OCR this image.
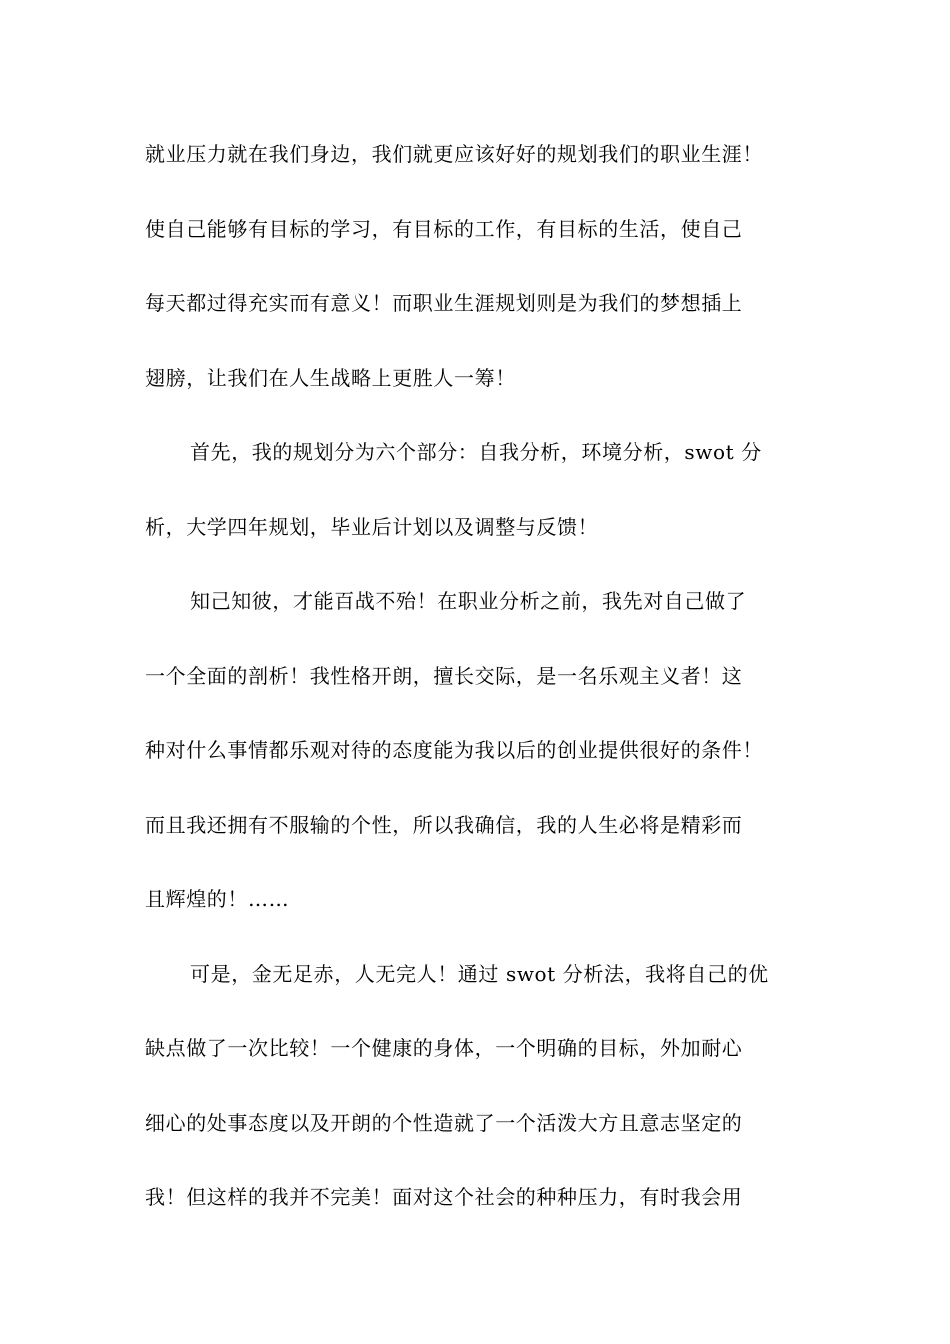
就业压力就在我们身边，我们就更应该好好的规划我们的职业生涯！
使自己能够有目标的学习，有目标的工作，有目标的生活，使自己
每天都过得充实而有意义！而职业生涯规划则是为我们的梦想插上
翅膀，让我们在人生战略上更胜人一筹！
首先，我的规划分为六个部分：自我分析，环境分析，swot 分
析，大学四年规划，毕业后计划以及调整与反馈！
知己知彼，才能百战不殆！在职业分析之前，我先对自己做了
一个全面的剖析！我性格开朗，擅长交际，是一名乐观主义者！这
种对什么事情都乐观对待的态度能为我以后的创业提供很好的条件！
而且我还拥有不服输的个性，所以我确信，我的人生必将是精彩而
且辉煌的！……
可是，金无足赤，人无完人！通过 swot 分析法，我将自己的优
缺点做了一次比较！一个健康的身体，一个明确的目标，外加耐心
细心的处事态度以及开朗的个性造就了一个活泼大方且意志坚定的
我！但这样的我并不完美！面对这个社会的种种压力，有时我会用
